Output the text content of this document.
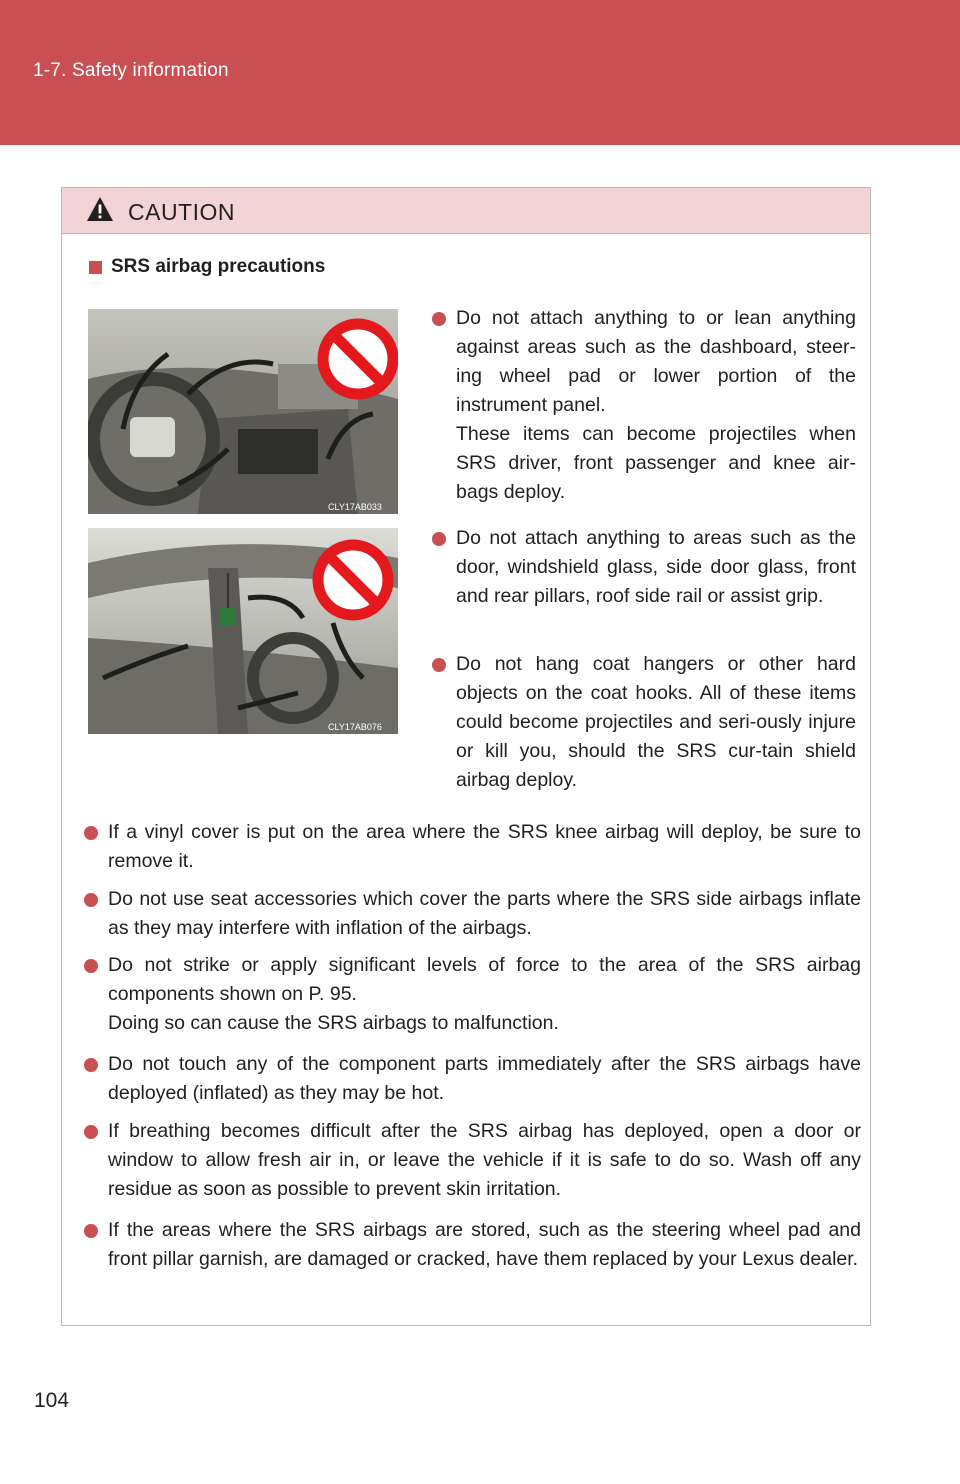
1-7. Safety information
CAUTION
SRS airbag precautions
CLY17AB033
CLY17AB076
Do not attach anything to or lean anything against areas such as the dashboard, steer-ing wheel pad or lower portion of the instrument panel.
These items can become projectiles when SRS driver, front passenger and knee air-bags deploy.
Do not attach anything to areas such as the door, windshield glass, side door glass, front and rear pillars, roof side rail or assist grip.
Do not hang coat hangers or other hard objects on the coat hooks. All of these items could become projectiles and seri-ously injure or kill you, should the SRS cur-tain shield airbag deploy.
If a vinyl cover is put on the area where the SRS knee airbag will deploy, be sure to remove it.
Do not use seat accessories which cover the parts where the SRS side airbags inflate as they may interfere with inflation of the airbags.
Do not strike or apply significant levels of force to the area of the SRS airbag components shown on P. 95.
Doing so can cause the SRS airbags to malfunction.
Do not touch any of the component parts immediately after the SRS airbags have deployed (inflated) as they may be hot.
If breathing becomes difficult after the SRS airbag has deployed, open a door or window to allow fresh air in, or leave the vehicle if it is safe to do so. Wash off any residue as soon as possible to prevent skin irritation.
If the areas where the SRS airbags are stored, such as the steering wheel pad and front pillar garnish, are damaged or cracked, have them replaced by your Lexus dealer.
104
